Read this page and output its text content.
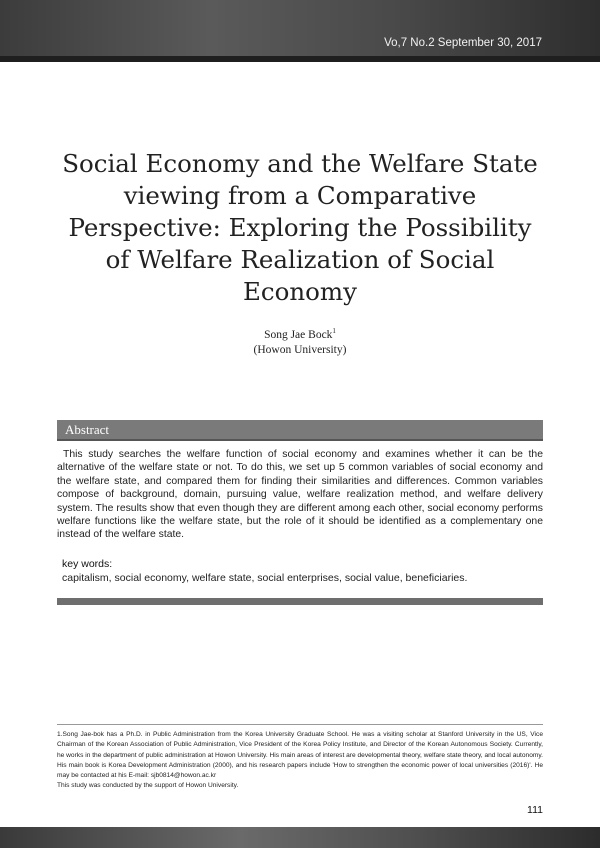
Vo,7 No.2 September 30, 2017
Social Economy and the Welfare State viewing from a Comparative Perspective: Exploring the Possibility of Welfare Realization of Social Economy
Song Jae Bock$^1$
(Howon University)
Abstract

This study searches the welfare function of social economy and examines whether it can be the alternative of the welfare state or not. To do this, we set up 5 common variables of social economy and the welfare state, and compared them for finding their similarities and differences. Common variables compose of background, domain, pursuing value, welfare realization method, and welfare delivery system. The results show that even though they are different among each other, social economy performs welfare functions like the welfare state, but the role of it should be identified as a complementary one instead of the welfare state.

key words:
capitalism, social economy, welfare state, social enterprises, social value, beneficiaries.
1.Song Jae-bok has a Ph.D. in Public Administration from the Korea University Graduate School. He was a visiting scholar at Stanford University in the US, Vice Chairman of the Korean Association of Public Administration, Vice President of the Korea Policy Institute, and Director of the Korean Autonomous Society. Currently, he works in the department of public administration at Howon University. His main areas of interest are developmental theory, welfare state theory, and local autonomy. His main book is Korea Development Administration (2000), and his research papers include 'How to strengthen the economic power of local universities (2016)'. He may be contacted at his E-mail: sjb0814@howon.ac.kr
This study was conducted by the support of Howon University.
111
